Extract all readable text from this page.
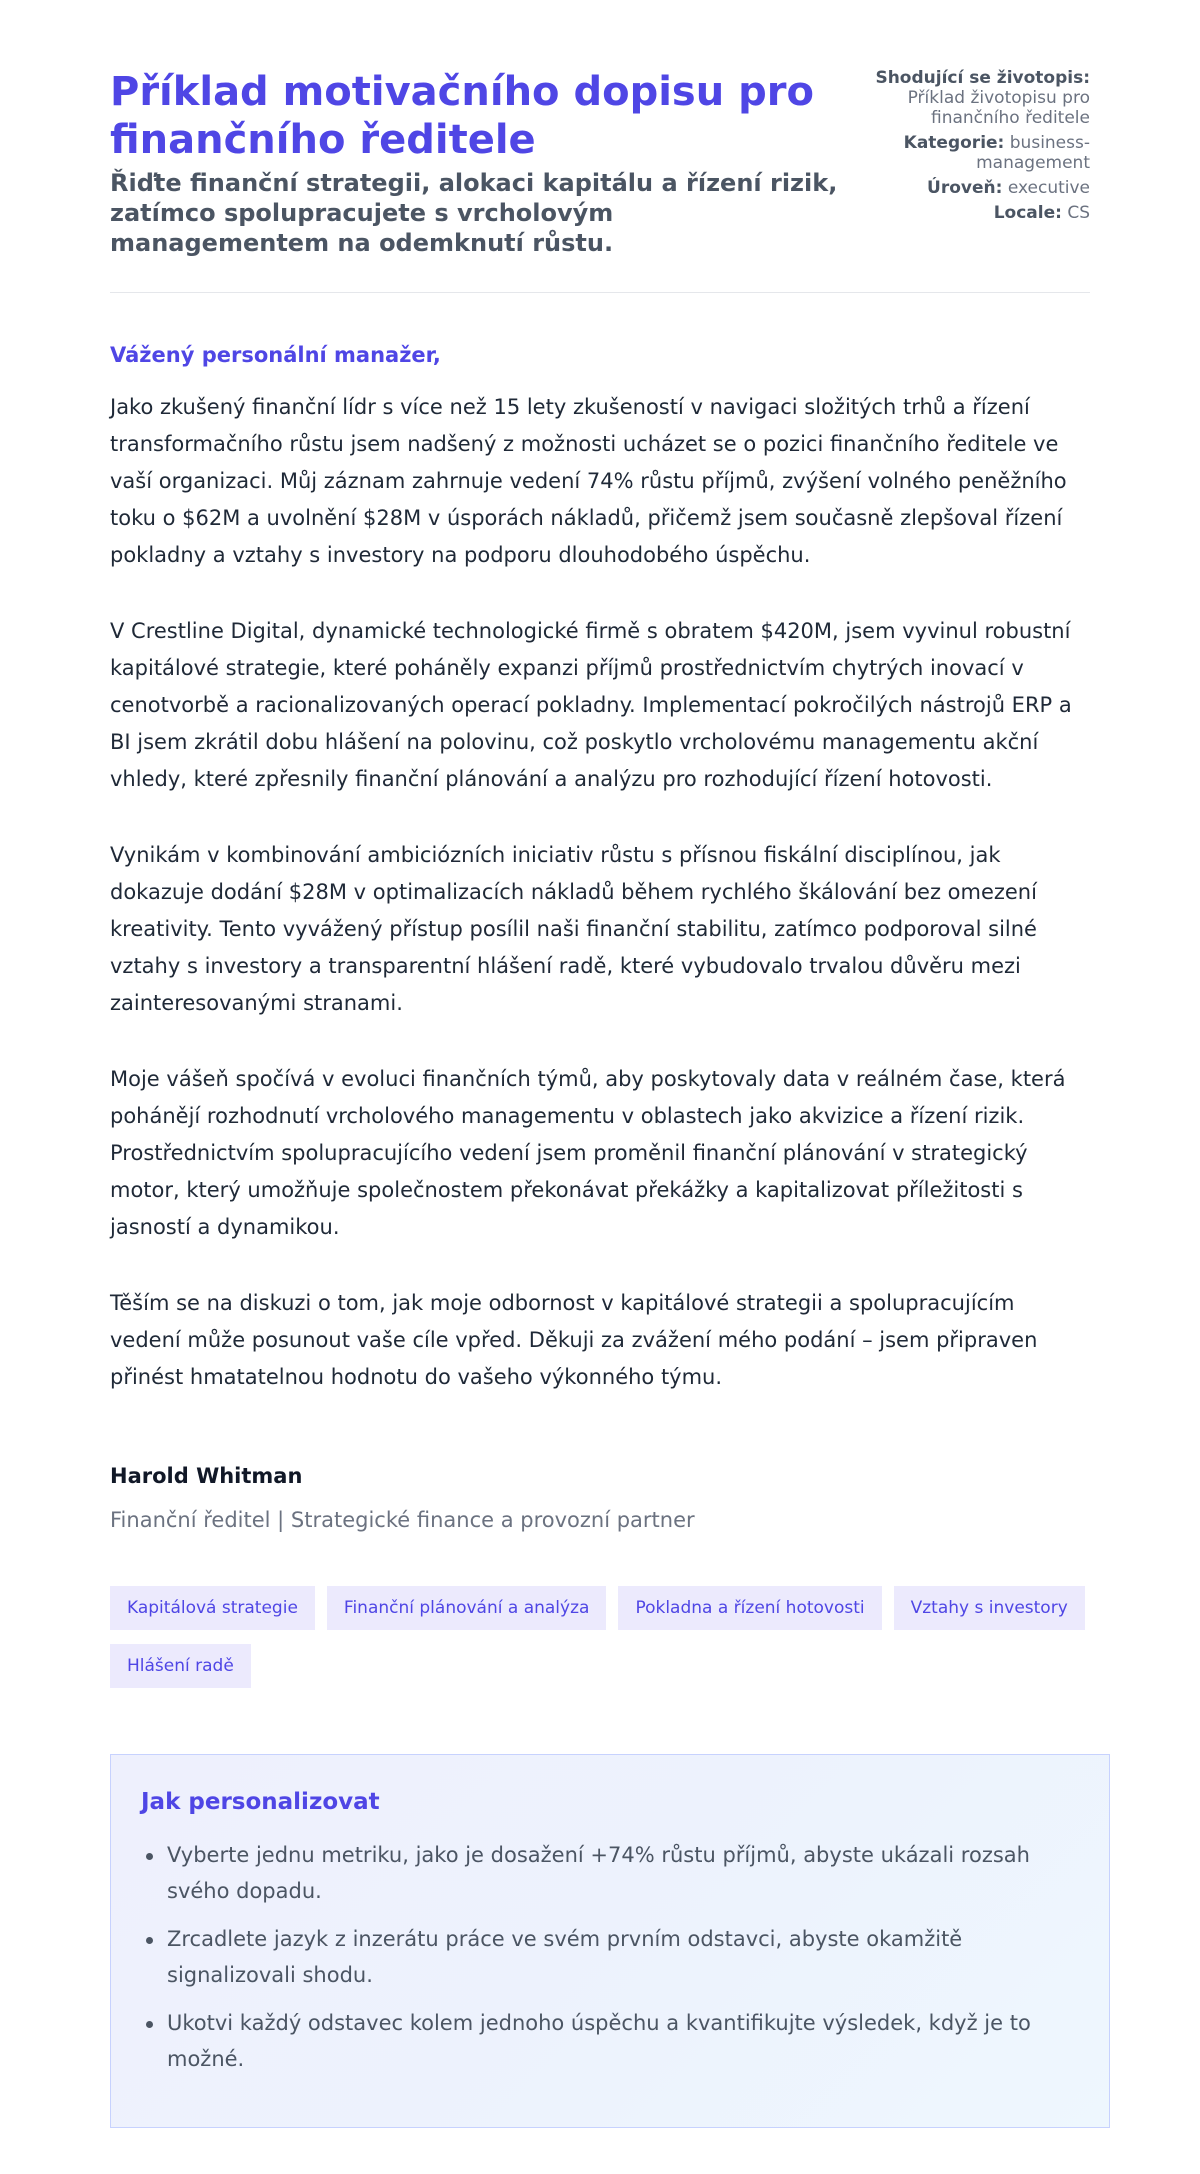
Příklad motivačního dopisu pro finančního ředitele
Řiďte finanční strategii, alokaci kapitálu a řízení rizik, zatímco spolupracujete s vrcholovým managementem na odemknutí růstu.
Shodující se životopis:
Příklad životopisu pro finančního ředitele
Kategorie: business-management
Úroveň: executive
Locale: CS
Vážený personální manažer,

Jako zkušený finanční lídr s více než 15 lety zkušeností v navigaci složitých trhů a řízení transformačního růstu jsem nadšený z možnosti ucházet se o pozici finančního ředitele ve vaší organizaci. Můj záznam zahrnuje vedení 74% růstu příjmů, zvýšení volného peněžního toku o $62M a uvolnění $28M v úsporách nákladů, přičemž jsem současně zlepšoval řízení pokladny a vztahy s investory na podporu dlouhodobého úspěchu.

V Crestline Digital, dynamické technologické firmě s obratem $420M, jsem vyvinul robustní kapitálové strategie, které poháněly expanzi příjmů prostřednictvím chytrých inovací v cenotvorbě a racionalizovaných operací pokladny. Implementací pokročilých nástrojů ERP a BI jsem zkrátil dobu hlášení na polovinu, což poskytlo vrcholovému managementu akční vhledy, které zpřesnily finanční plánování a analýzu pro rozhodující řízení hotovosti.

Vynikám v kombinování ambiciózních iniciativ růstu s přísnou fiskální disciplínou, jak dokazuje dodání $28M v optimalizacích nákladů během rychlého škálování bez omezení kreativity. Tento vyvážený přístup posílil naši finanční stabilitu, zatímco podporoval silné vztahy s investory a transparentní hlášení radě, které vybudovalo trvalou důvěru mezi zainteresovanými stranami.

Moje vášeň spočívá v evoluci finančních týmů, aby poskytovaly data v reálném čase, která pohánějí rozhodnutí vrcholového managementu v oblastech jako akvizice a řízení rizik. Prostřednictvím spolupracujícího vedení jsem proměnil finanční plánování v strategický motor, který umožňuje společnostem překonávat překážky a kapitalizovat příležitosti s jasností a dynamikou.

Těším se na diskuzi o tom, jak moje odbornost v kapitálové strategii a spolupracujícím vedení může posunout vaše cíle vpřed. Děkuji za zvážení mého podání – jsem připraven přinést hmatatelnou hodnotu do vašeho výkonného týmu.

Harold Whitman
Finanční ředitel | Strategické finance a provozní partner
Kapitálová strategie	Finanční plánování a analýza	Pokladna a řízení hotovosti	Vztahy s investory
Hlášení radě
Jak personalizovat
Vyberte jednu metriku, jako je dosažení +74% růstu příjmů, abyste ukázali rozsah svého dopadu.
Zrcadlete jazyk z inzerátu práce ve svém prvním odstavci, abyste okamžitě signalizovali shodu.
Ukotvi každý odstavec kolem jednoho úspěchu a kvantifikujte výsledek, když je to možné.
